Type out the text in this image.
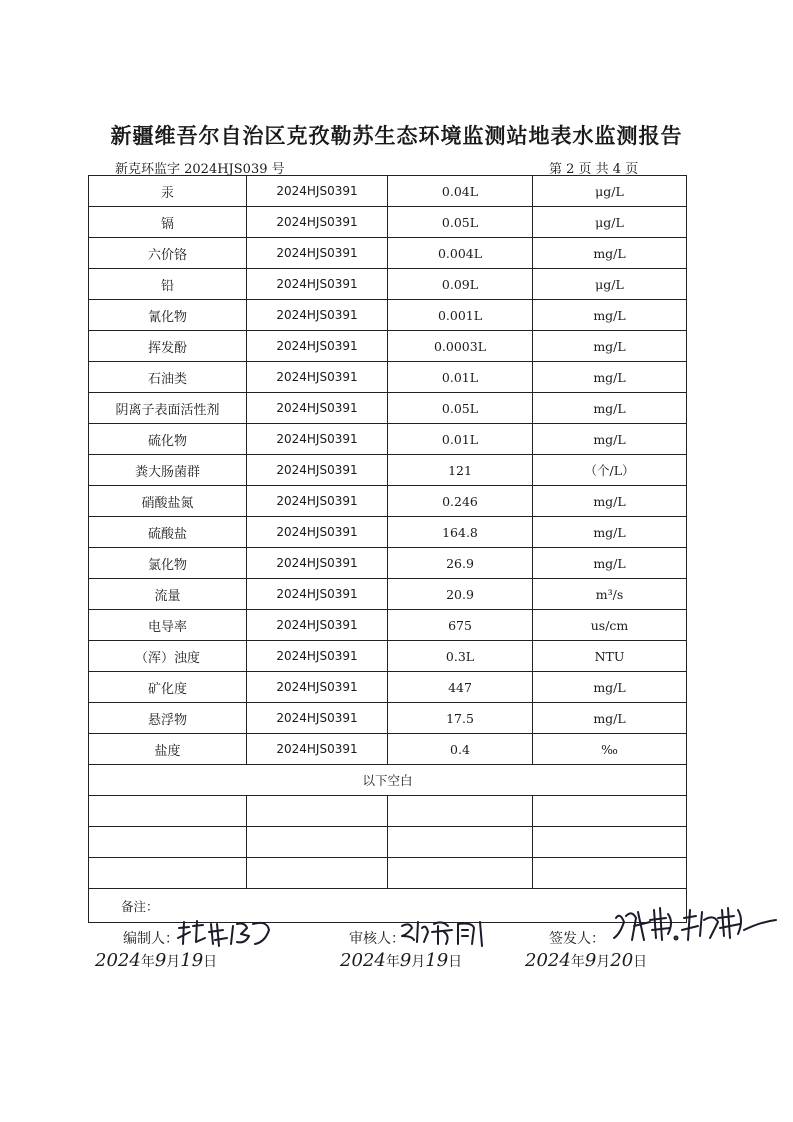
新疆维吾尔自治区克孜勒苏生态环境监测站地表水监测报告
新克环监字 2024HJS039 号	第 2 页 共 4 页
汞	2024HJS0391	0.04L	μg/L
镉	2024HJS0391	0.05L	μg/L
六价铬	2024HJS0391	0.004L	mg/L
铅	2024HJS0391	0.09L	μg/L
氰化物	2024HJS0391	0.001L	mg/L
挥发酚	2024HJS0391	0.0003L	mg/L
石油类	2024HJS0391	0.01L	mg/L
阴离子表面活性剂	2024HJS0391	0.05L	mg/L
硫化物	2024HJS0391	0.01L	mg/L
粪大肠菌群	2024HJS0391	121	（个/L）
硝酸盐氮	2024HJS0391	0.246	mg/L
硫酸盐	2024HJS0391	164.8	mg/L
氯化物	2024HJS0391	26.9	mg/L
流量	2024HJS0391	20.9	m³/s
电导率	2024HJS0391	675	us/cm
（浑）浊度	2024HJS0391	0.3L	NTU
矿化度	2024HJS0391	447	mg/L
悬浮物	2024HJS0391	17.5	mg/L
盐度	2024HJS0391	0.4	‰
以下空白			

备注：			
编制人：	审核人：	签发人：
2024年9月19日	2024年9月19日	2024年9月20日
